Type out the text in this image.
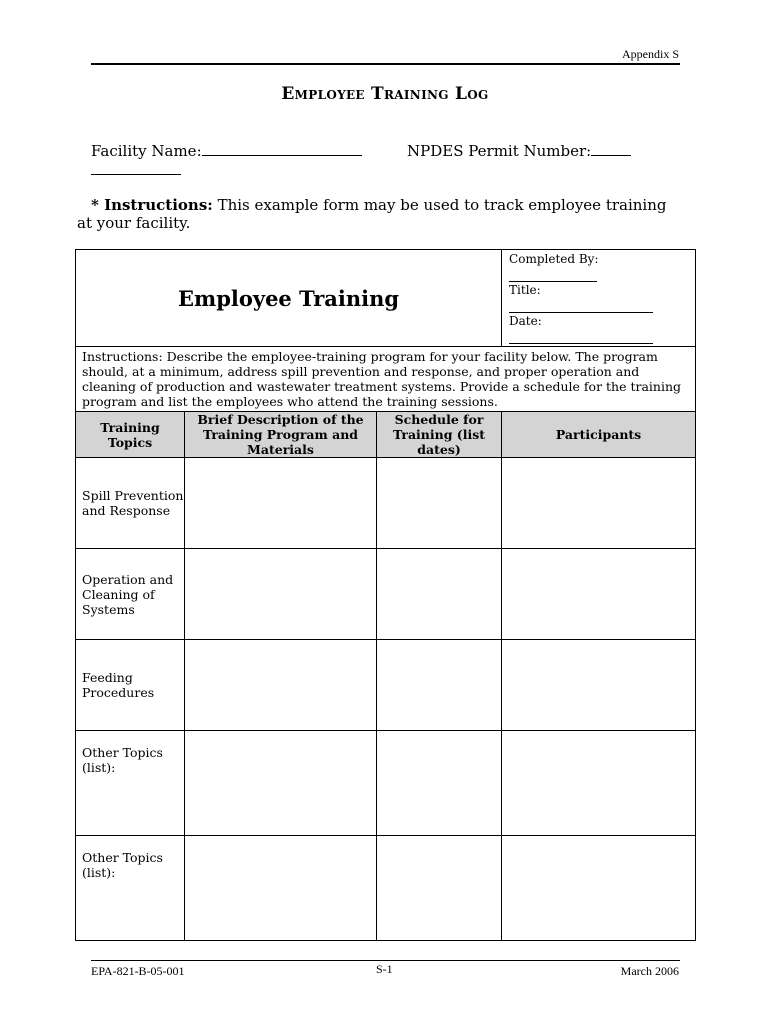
Appendix S
Employee Training Log
Facility Name:	NPDES Permit Number:
* Instructions: This example form may be used to track employee training
at your facility.
Employee Training			Completed By:
Title:
Date:

Instructions: Describe the employee-training program for your facility below. The program should, at a minimum, address spill prevention and response, and proper operation and cleaning of production and wastewater treatment systems. Provide a schedule for the training program and list the employees who attend the training sessions.			
Training Topics	Brief Description of the Training Program and Materials	Schedule for Training (list dates)	Participants
Spill Prevention and Response			
Operation and Cleaning of Systems			
Feeding Procedures			
Other Topics (list):			
Other Topics (list):			
EPA-821-B-05-001	S-1	March 2006
